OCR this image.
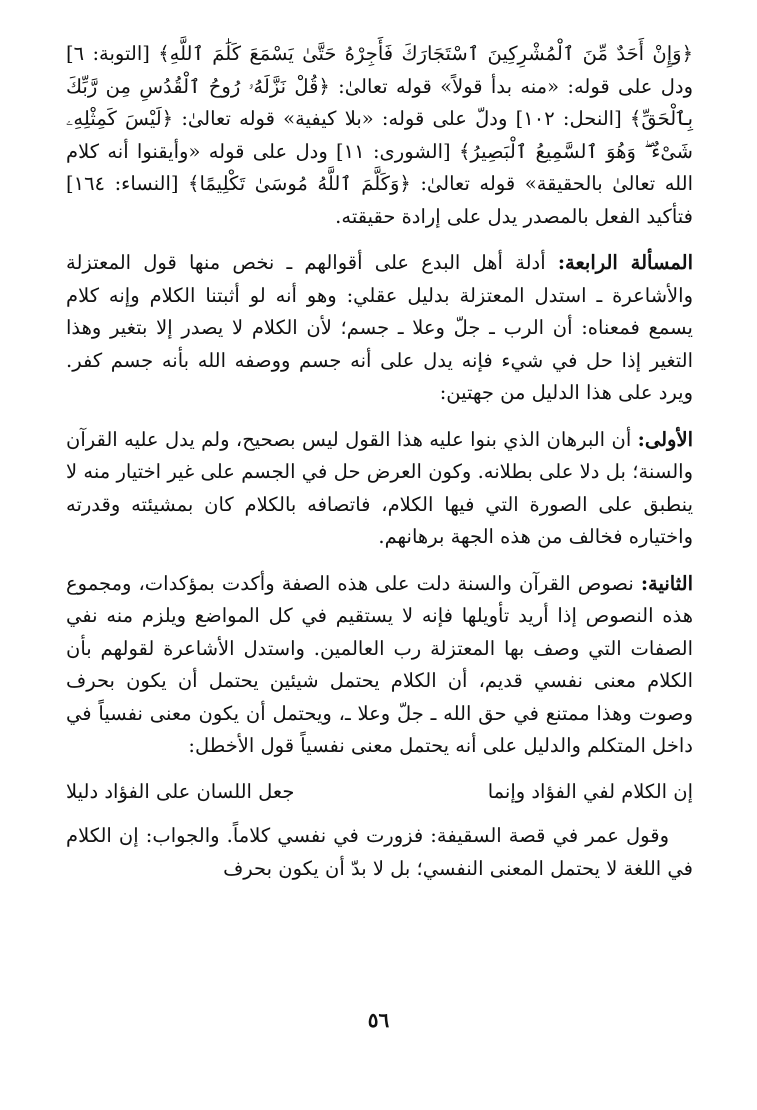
﴿وَإِنْ أَحَدٌ مِّنَ ٱلْمُشْرِكِينَ ٱسْتَجَارَكَ فَأَجِرْهُ حَتَّىٰ يَسْمَعَ كَلَٰمَ ٱللَّهِ﴾ [التوبة: ٦] ودل على قوله: «منه بدأ قولاً» قوله تعالىٰ: ﴿قُلْ نَزَّلَهُۥ رُوحُ ٱلْقُدُسِ مِن رَّبِّكَ بِٱلْحَقِّ﴾ [النحل: ١٠٢] ودلّ على قوله: «بلا كيفية» قوله تعالىٰ: ﴿لَيْسَ كَمِثْلِهِۦ شَىْءٌ ۖ وَهُوَ ٱلسَّمِيعُ ٱلْبَصِيرُ﴾ [الشورى: ١١] ودل على قوله «وأيقنوا أنه كلام الله تعالىٰ بالحقيقة» قوله تعالىٰ: ﴿وَكَلَّمَ ٱللَّهُ مُوسَىٰ تَكْلِيمًا﴾ [النساء: ١٦٤] فتأكيد الفعل بالمصدر يدل على إرادة حقيقته.

المسألة الرابعة: أدلة أهل البدع على أقوالهم ـ نخص منها قول المعتزلة والأشاعرة ـ استدل المعتزلة بدليل عقلي: وهو أنه لو أثبتنا الكلام وإنه كلام يسمع فمعناه: أن الرب ـ جلّ وعلا ـ جسم؛ لأن الكلام لا يصدر إلا بتغير وهذا التغير إذا حل في شيء فإنه يدل على أنه جسم ووصفه الله بأنه جسم كفر. ويرد على هذا الدليل من جهتين:

الأولى: أن البرهان الذي بنوا عليه هذا القول ليس بصحيح، ولم يدل عليه القرآن والسنة؛ بل دلا على بطلانه. وكون العرض حل في الجسم على غير اختيار منه لا ينطبق على الصورة التي فيها الكلام، فاتصافه بالكلام كان بمشيئته وقدرته واختياره فخالف من هذه الجهة برهانهم.

الثانية: نصوص القرآن والسنة دلت على هذه الصفة وأكدت بمؤكدات، ومجموع هذه النصوص إذا أريد تأويلها فإنه لا يستقيم في كل المواضع ويلزم منه نفي الصفات التي وصف بها المعتزلة رب العالمين. واستدل الأشاعرة لقولهم بأن الكلام معنى نفسي قديم، أن الكلام يحتمل شيئين يحتمل أن يكون بحرف وصوت وهذا ممتنع في حق الله ـ جلّ وعلا ـ، ويحتمل أن يكون معنى نفسياً في داخل المتكلم والدليل على أنه يحتمل معنى نفسياً قول الأخطل:

إن الكلام لفي الفؤاد وإنما
جعل اللسان على الفؤاد دليلا

وقول عمر في قصة السقيفة: فزورت في نفسي كلاماً. والجواب: إن الكلام في اللغة لا يحتمل المعنى النفسي؛ بل لا بدّ أن يكون بحرف

٥٦
